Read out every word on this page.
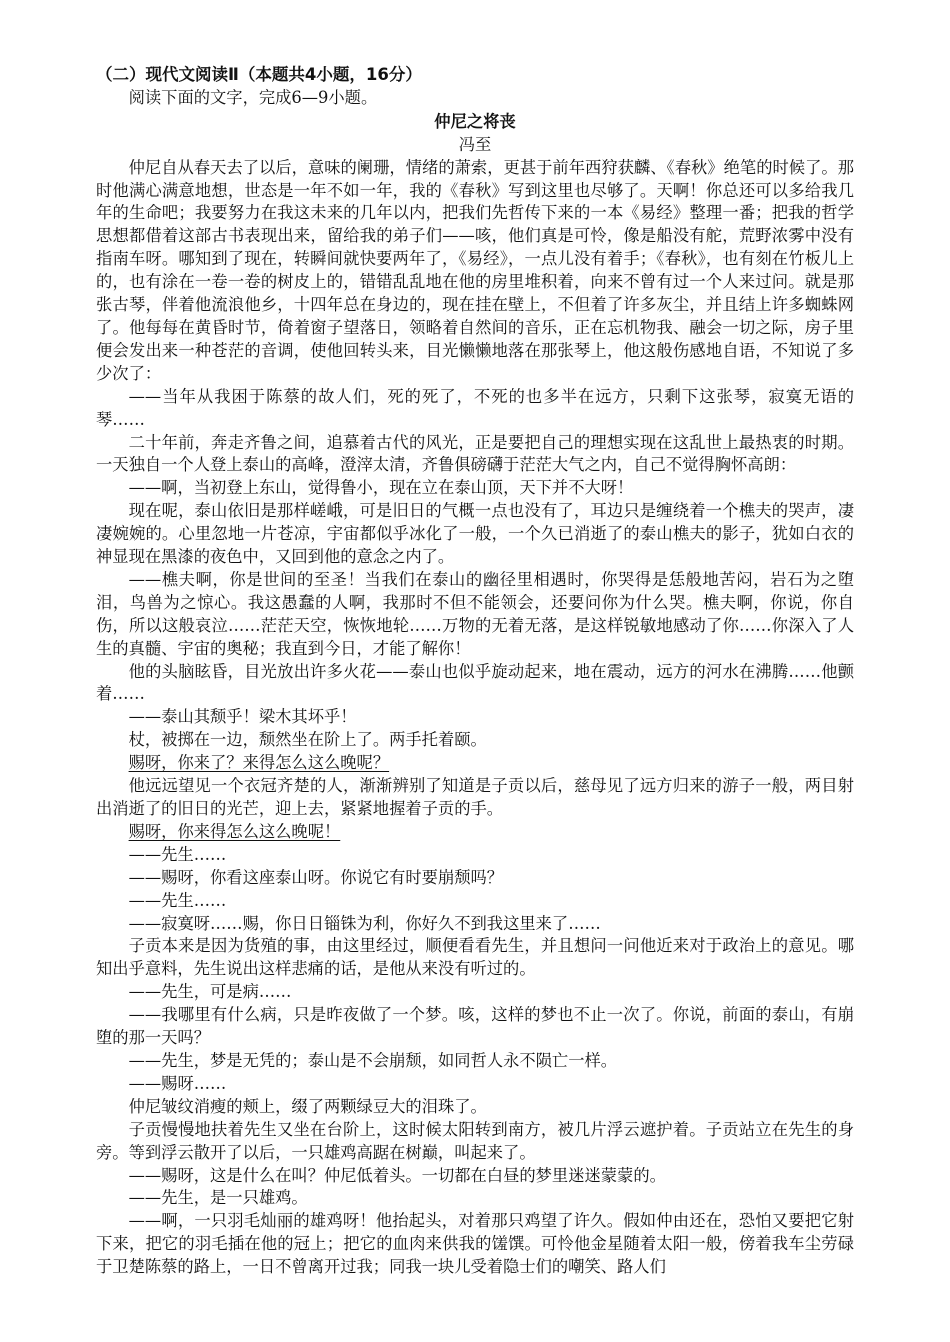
（二）现代文阅读Ⅱ（本题共4小题，16分）
阅读下面的文字，完成6—9小题。
仲尼之将丧
冯至

仲尼自从春天去了以后，意味的阑珊，情绪的萧索，更甚于前年西狩获麟、《春秋》绝笔的时候了。那时他满心满意地想，世态是一年不如一年，我的《春秋》写到这里也尽够了。天啊！你总还可以多给我几年的生命吧；我要努力在我这未来的几年以内，把我们先哲传下来的一本《易经》整理一番；把我的哲学思想都借着这部古书表现出来，留给我的弟子们——咳，他们真是可怜，像是船没有舵，荒野浓雾中没有指南车呀。哪知到了现在，转瞬间就快要两年了，《易经》，一点儿没有着手；《春秋》，也有刻在竹板儿上的，也有涂在一卷一卷的树皮上的，错错乱乱地在他的房里堆积着，向来不曾有过一个人来过问。就是那张古琴，伴着他流浪他乡，十四年总在身边的，现在挂在壁上，不但着了许多灰尘，并且结上许多蜘蛛网了。他每每在黄昏时节，倚着窗子望落日，领略着自然间的音乐，正在忘机物我、融会一切之际，房子里便会发出来一种苍茫的音调，使他回转头来，目光懒懒地落在那张琴上，他这般伤感地自语，不知说了多少次了：

——当年从我困于陈蔡的故人们，死的死了，不死的也多半在远方，只剩下这张琴，寂寞无语的琴……

二十年前，奔走齐鲁之间，追慕着古代的风光，正是要把自己的理想实现在这乱世上最热衷的时期。一天独自一个人登上泰山的高峰，澄滓太清，齐鲁俱磅礴于茫茫大气之内，自己不觉得胸怀高朗：

——啊，当初登上东山，觉得鲁小，现在立在泰山顶，天下并不大呀！

现在呢，泰山依旧是那样嵯峨，可是旧日的气概一点也没有了，耳边只是缠绕着一个樵夫的哭声，凄凄婉婉的。心里忽地一片苍凉，宇宙都似乎冰化了一般，一个久已消逝了的泰山樵夫的影子，犹如白衣的神显现在黑漆的夜色中，又回到他的意念之内了。

——樵夫啊，你是世间的至圣！当我们在泰山的幽径里相遇时，你哭得是恁般地苦闷，岩石为之堕泪，鸟兽为之惊心。我这愚蠢的人啊，我那时不但不能领会，还要问你为什么哭。樵夫啊，你说，你自伤，所以这般哀泣……茫茫天空，恢恢地轮……万物的无着无落，是这样锐敏地感动了你……你深入了人生的真髓、宇宙的奥秘；我直到今日，才能了解你！

他的头脑眩昏，目光放出许多火花——泰山也似乎旋动起来，地在震动，远方的河水在沸腾……他颤着……

——泰山其颓乎！梁木其坏乎！

杖，被掷在一边，颓然坐在阶上了。两手托着颐。

赐呀，你来了？来得怎么这么晚呢？

他远远望见一个衣冠齐楚的人，渐渐辨别了知道是子贡以后，慈母见了远方归来的游子一般，两目射出消逝了的旧日的光芒，迎上去，紧紧地握着子贡的手。

赐呀，你来得怎么这么晚呢！

——先生……

——赐呀，你看这座泰山呀。你说它有时要崩颓吗？

——先生……

——寂寞呀……赐，你日日锱铢为利，你好久不到我这里来了……

子贡本来是因为货殖的事，由这里经过，顺便看看先生，并且想问一问他近来对于政治上的意见。哪知出乎意料，先生说出这样悲痛的话，是他从来没有听过的。

——先生，可是病……

——我哪里有什么病，只是昨夜做了一个梦。咳，这样的梦也不止一次了。你说，前面的泰山，有崩堕的那一天吗？

——先生，梦是无凭的；泰山是不会崩颓，如同哲人永不陨亡一样。

——赐呀……

仲尼皱纹消瘦的颊上，缀了两颗绿豆大的泪珠了。

子贡慢慢地扶着先生又坐在台阶上，这时候太阳转到南方，被几片浮云遮护着。子贡站立在先生的身旁。等到浮云散开了以后，一只雄鸡高踞在树巅，叫起来了。

——赐呀，这是什么在叫？仲尼低着头。一切都在白昼的梦里迷迷蒙蒙的。

——先生，是一只雄鸡。

——啊，一只羽毛灿丽的雄鸡呀！他抬起头，对着那只鸡望了许久。假如仲由还在，恐怕又要把它射下来，把它的羽毛插在他的冠上；把它的血肉来供我的馐馔。可怜他金星随着太阳一般，傍着我车尘劳碌于卫楚陈蔡的路上，一日不曾离开过我；同我一块儿受着隐士们的嘲笑、路人们
